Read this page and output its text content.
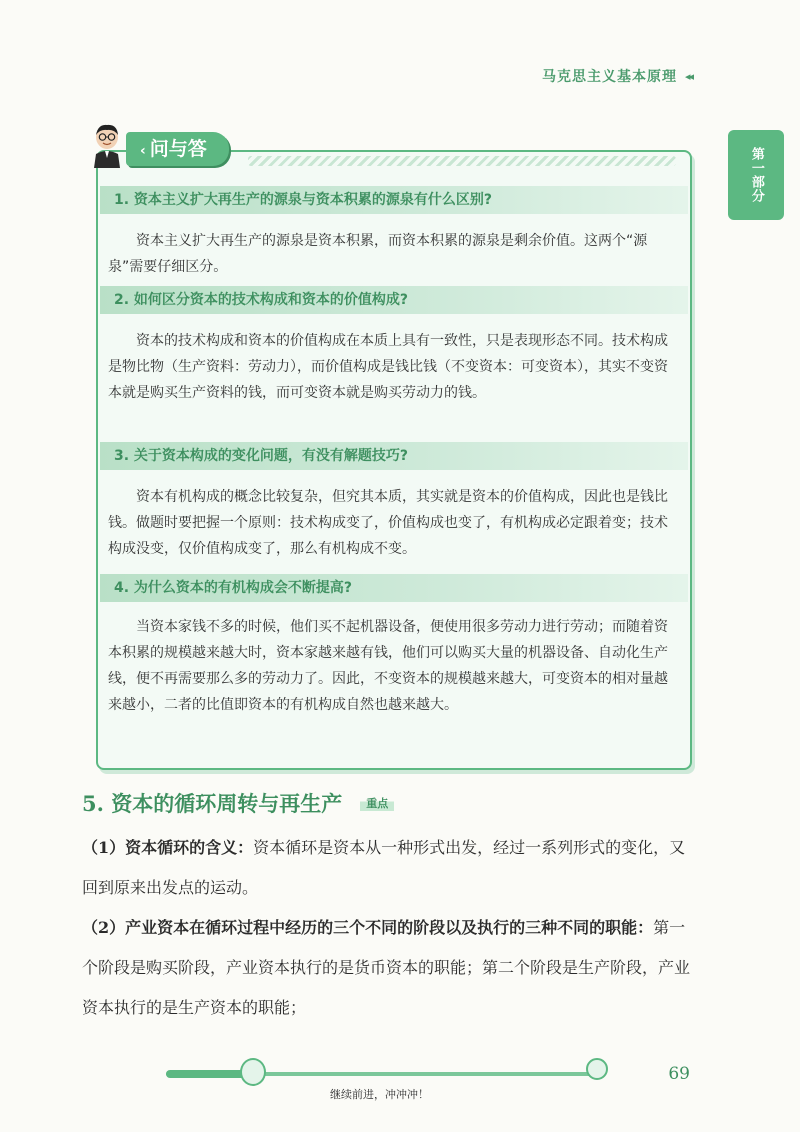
马克思主义基本原理 ◂◂
第一部分
‹ 问与答
1. 资本主义扩大再生产的源泉与资本积累的源泉有什么区别?
资本主义扩大再生产的源泉是资本积累，而资本积累的源泉是剩余价值。这两个“源泉”需要仔细区分。
2. 如何区分资本的技术构成和资本的价值构成?
资本的技术构成和资本的价值构成在本质上具有一致性，只是表现形态不同。技术构成是物比物（生产资料：劳动力），而价值构成是钱比钱（不变资本：可变资本），其实不变资本就是购买生产资料的钱，而可变资本就是购买劳动力的钱。
3. 关于资本构成的变化问题，有没有解题技巧?
资本有机构成的概念比较复杂，但究其本质，其实就是资本的价值构成，因此也是钱比钱。做题时要把握一个原则：技术构成变了，价值构成也变了，有机构成必定跟着变；技术构成没变，仅价值构成变了，那么有机构成不变。
4. 为什么资本的有机构成会不断提高?
当资本家钱不多的时候，他们买不起机器设备，便使用很多劳动力进行劳动；而随着资本积累的规模越来越大时，资本家越来越有钱，他们可以购买大量的机器设备、自动化生产线，便不再需要那么多的劳动力了。因此，不变资本的规模越来越大，可变资本的相对量越来越小，二者的比值即资本的有机构成自然也越来越大。
5. 资本的循环周转与再生产	重点
（1）资本循环的含义：资本循环是资本从一种形式出发，经过一系列形式的变化，又回到原来出发点的运动。
（2）产业资本在循环过程中经历的三个不同的阶段以及执行的三种不同的职能：第一个阶段是购买阶段，产业资本执行的是货币资本的职能；第二个阶段是生产阶段，产业资本执行的是生产资本的职能；
继续前进，冲冲冲！
69
